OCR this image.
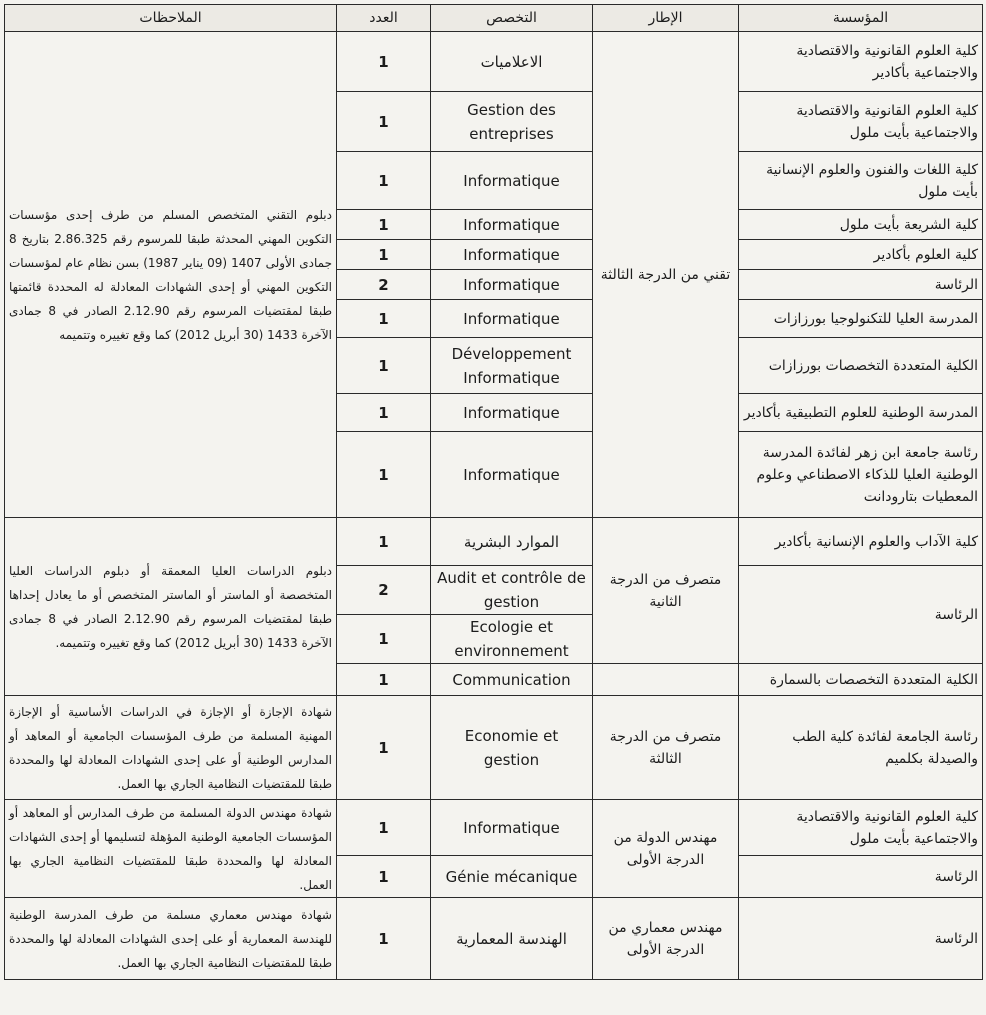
المؤسسة	الإطار	التخصص	العدد	الملاحظات
كلية العلوم القانونية والاقتصادية والاجتماعية بأكادير	تقني من الدرجة الثالثة	الاعلاميات	1	دبلوم التقني المتخصص المسلم من طرف إحدى مؤسسات التكوين المهني المحدثة طبقا للمرسوم رقم 2.86.325 بتاريخ 8 جمادى الأولى 1407 (09 يناير 1987) بسن نظام عام لمؤسسات التكوين المهني أو إحدى الشهادات المعادلة له المحددة قائمتها طبقا لمقتضيات المرسوم رقم 2.12.90 الصادر في 8 جمادى الآخرة 1433 (30 أبريل 2012) كما وقع تغييره وتتميمه
كلية العلوم القانونية والاقتصادية والاجتماعية بأيت ملول		Gestion des entreprises	1	
كلية اللغات والفنون والعلوم الإنسانية بأيت ملول		Informatique	1	
كلية الشريعة بأيت ملول		Informatique	1	
كلية العلوم بأكادير		Informatique	1	
الرئاسة		Informatique	2	
المدرسة العليا للتكنولوجيا بورزازات		Informatique	1	
الكلية المتعددة التخصصات بورزازات		Développement Informatique	1	
المدرسة الوطنية للعلوم التطبيقية بأكادير		Informatique	1	
رئاسة جامعة ابن زهر لفائدة المدرسة الوطنية العليا للذكاء الاصطناعي وعلوم المعطيات بتارودانت		Informatique	1	
كلية الآداب والعلوم الإنسانية بأكادير	متصرف من الدرجة الثانية	الموارد البشرية	1	دبلوم الدراسات العليا المعمقة أو دبلوم الدراسات العليا المتخصصة أو الماستر أو الماستر المتخصص أو ما يعادل إحداها طبقا لمقتضيات المرسوم رقم 2.12.90 الصادر في 8 جمادى الآخرة 1433 (30 أبريل 2012) كما وقع تغييره وتتميمه.
الرئاسة		Audit et contrôle de gestion	2	
		Ecologie et environnement	1	
الكلية المتعددة التخصصات بالسمارة		Communication	1	
رئاسة الجامعة لفائدة كلية الطب والصيدلة بكلميم	متصرف من الدرجة الثالثة	Economie et gestion	1	شهادة الإجازة أو الإجازة في الدراسات الأساسية أو الإجازة المهنية المسلمة من طرف المؤسسات الجامعية أو المعاهد أو المدارس الوطنية أو على إحدى الشهادات المعادلة لها والمحددة طبقا للمقتضيات النظامية الجاري بها العمل.
كلية العلوم القانونية والاقتصادية والاجتماعية بأيت ملول	مهندس الدولة من الدرجة الأولى	Informatique	1	شهادة مهندس الدولة المسلمة من طرف المدارس أو المعاهد أو المؤسسات الجامعية الوطنية المؤهلة لتسليمها أو إحدى الشهادات المعادلة لها والمحددة طبقا للمقتضيات النظامية الجاري بها العمل.
الرئاسة		Génie mécanique	1	
الرئاسة	مهندس معماري من الدرجة الأولى	الهندسة المعمارية	1	شهادة مهندس معماري مسلمة من طرف المدرسة الوطنية للهندسة المعمارية أو على إحدى الشهادات المعادلة لها والمحددة طبقا للمقتضيات النظامية الجاري بها العمل.
